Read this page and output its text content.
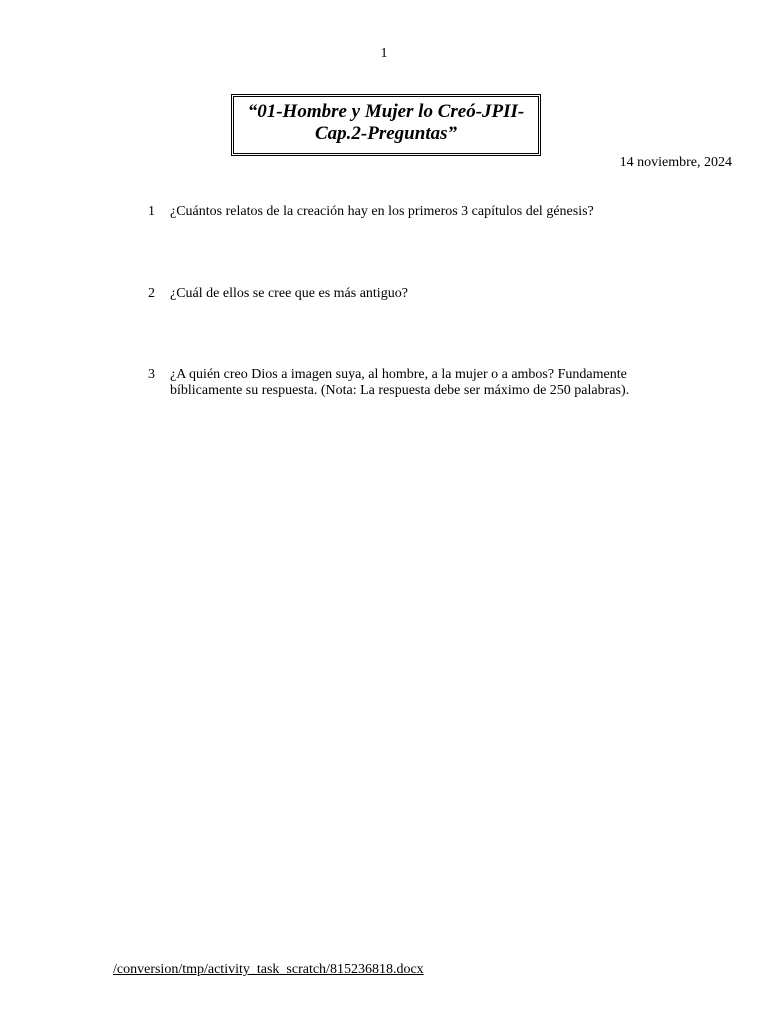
1
“01-Hombre y Mujer lo Creó-JPII-
Cap.2-Preguntas”
14 noviembre, 2024
1 ¿Cuántos relatos de la creación hay en los primeros 3 capítulos del génesis?
2 ¿Cuál de ellos se cree que es más antiguo?
3 ¿A quién creo Dios a imagen suya, al hombre, a la mujer o a ambos? Fundamente bíblicamente su respuesta. (Nota: La respuesta debe ser máximo de 250 palabras).
/conversion/tmp/activity_task_scratch/815236818.docx
